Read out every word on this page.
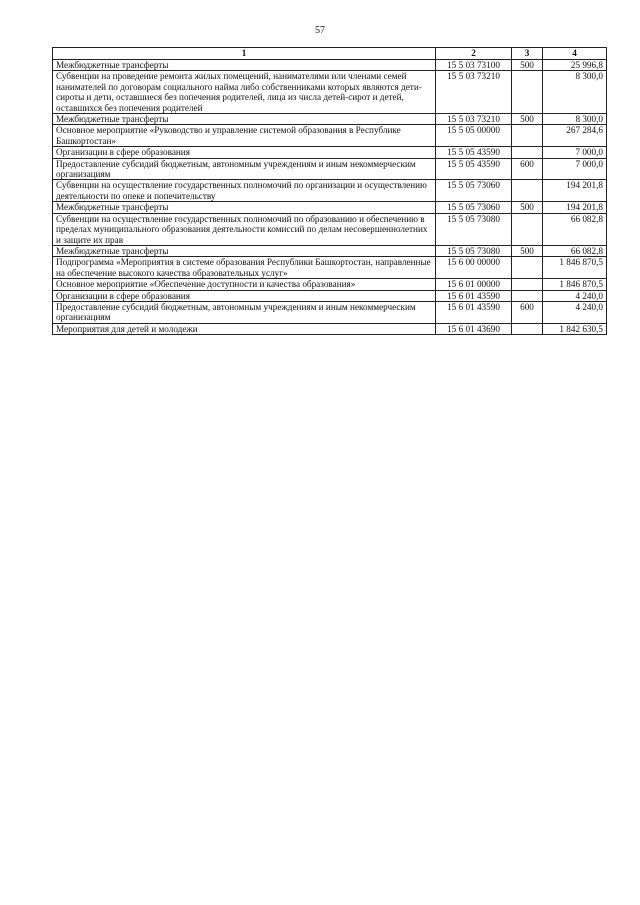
57
1	2	3	4
Межбюджетные трансферты	15 5 03 73100	500	25 996,8
Субвенции на проведение ремонта жилых помещений, нанимателями или членами семей нанимателей по договорам социального найма либо собственниками которых являются дети-сироты и дети, оставшиеся без попечения родителей, лица из числа детей-сирот и детей, оставшихся без попечения родителей	15 5 03 73210		8 300,0
Межбюджетные трансферты	15 5 03 73210	500	8 300,0
Основное мероприятие «Руководство и управление системой образования в Республике Башкортостан»	15 5 05 00000		267 284,6
Организации в сфере образования	15 5 05 43590		7 000,0
Предоставление субсидий бюджетным, автономным учреждениям и иным некоммерческим организациям	15 5 05 43590	600	7 000,0
Субвенции на осуществление государственных полномочий по организации и осуществлению деятельности по опеке и попечительству	15 5 05 73060		194 201,8
Межбюджетные трансферты	15 5 05 73060	500	194 201,8
Субвенции на осуществление государственных полномочий по образованию и обеспечению в пределах муниципального образования деятельности комиссий по делам несовершеннолетних и защите их прав	15 5 05 73080		66 082,8
Межбюджетные трансферты	15 5 05 73080	500	66 082,8
Подпрограмма «Мероприятия в системе образования Республики Башкортостан, направленные на обеспечение высокого качества образовательных услуг»	15 6 00 00000		1 846 870,5
Основное мероприятие «Обеспечение доступности и качества образования»	15 6 01 00000		1 846 870,5
Организации в сфере образования	15 6 01 43590		4 240,0
Предоставление субсидий бюджетным, автономным учреждениям и иным некоммерческим организациям	15 6 01 43590	600	4 240,0
Мероприятия для детей и молодежи	15 6 01 43690		1 842 630,5
